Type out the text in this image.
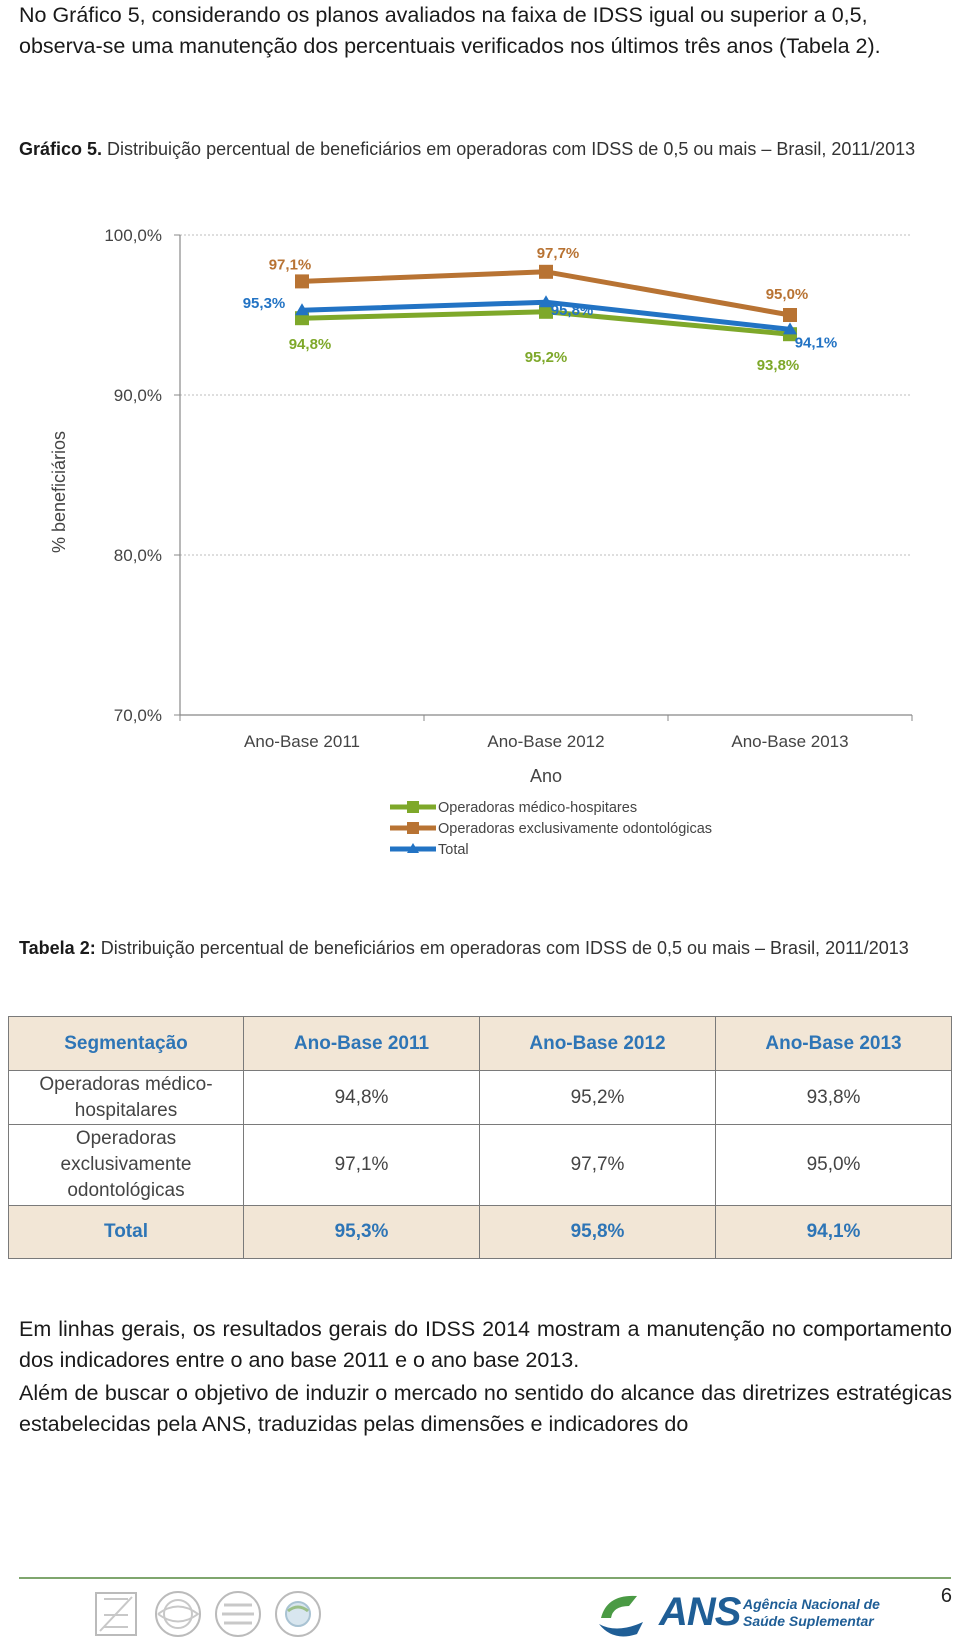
No Gráfico 5, considerando os planos avaliados na faixa de IDSS igual ou superior a 0,5, observa-se uma manutenção dos percentuais verificados nos últimos três anos (Tabela 2).

Gráfico 5. Distribuição percentual de beneficiários em operadoras com IDSS de 0,5 ou mais – Brasil, 2011/2013

70,0%
80,0%
90,0%
100,0%
Ano-Base 2011	Ano-Base 2012	Ano-Base 2013
% beneficiários
Ano
94,8%
95,2%	93,8%
97,1%
97,7%
95,0%
95,3%	95,8%
94,1%
Operadoras médico-hospitares
Operadoras exclusivamente odontológicas
Total

Tabela 2: Distribuição percentual de beneficiários em operadoras com IDSS de 0,5 ou mais – Brasil, 2011/2013

Segmentação	Ano-Base 2011	Ano-Base 2012	Ano-Base 2013
Operadoras médico-hospitalares	94,8%	95,2%	93,8%
Operadoras exclusivamente odontológicas	97,1%	97,7%	95,0%
Total	95,3%	95,8%	94,1%

Em linhas gerais, os resultados gerais do IDSS 2014 mostram a manutenção no comportamento dos indicadores entre o ano base 2011 e o ano base 2013.

Além de buscar o objetivo de induzir o mercado no sentido do alcance das diretrizes estratégicas estabelecidas pela ANS, traduzidas pelas dimensões e indicadores do

ANS Agência Nacional de
Saúde Suplementar
6
